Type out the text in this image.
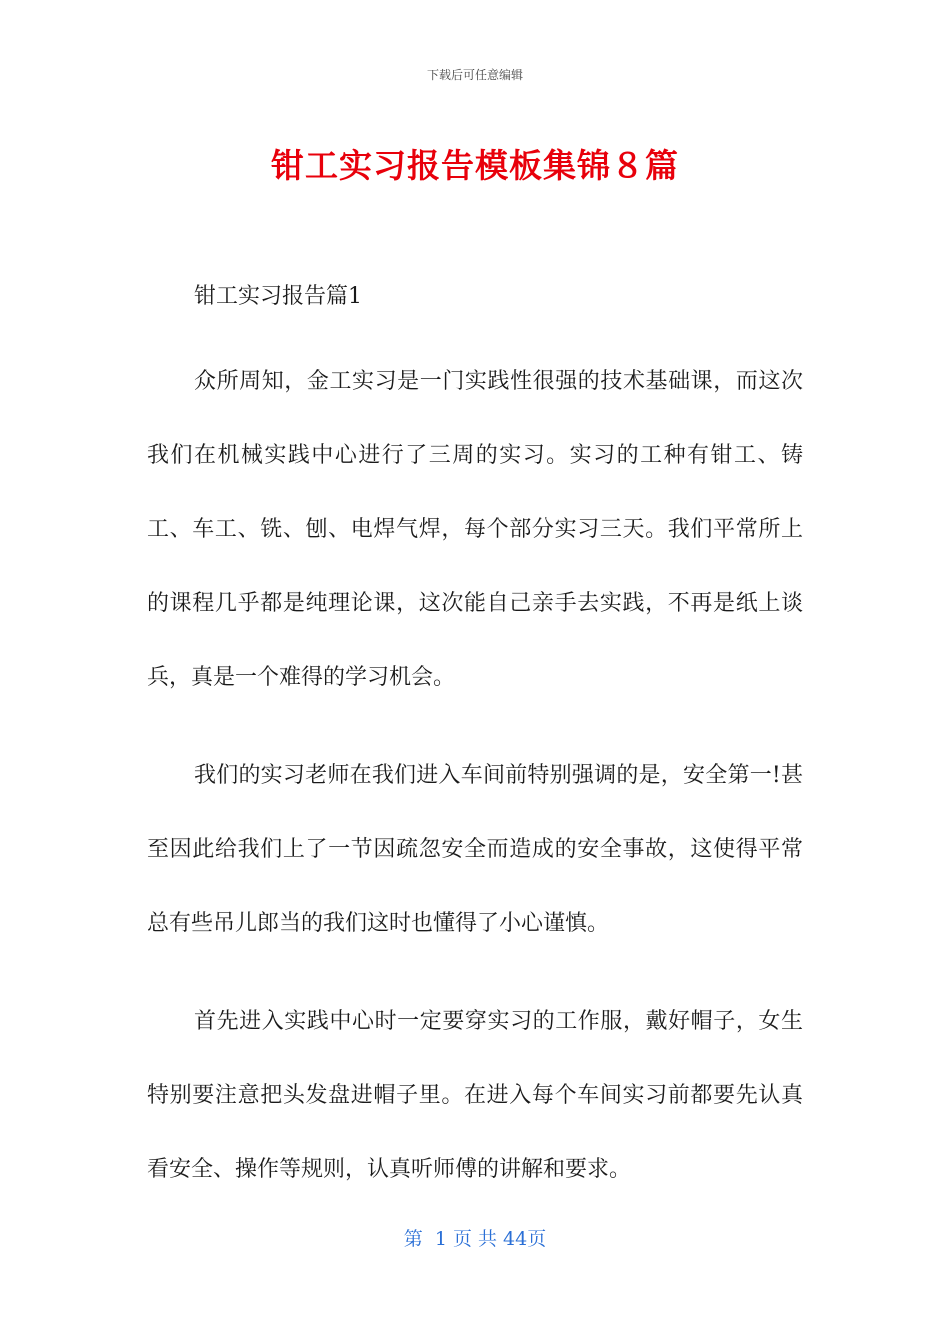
下载后可任意编辑
钳工实习报告模板集锦８篇

钳工实习报告篇1

众所周知，金工实习是一门实践性很强的技术基础课，而这次我们在机械实践中心进行了三周的实习。实习的工种有钳工、铸工、车工、铣、刨、电焊气焊，每个部分实习三天。我们平常所上的课程几乎都是纯理论课，这次能自己亲手去实践，不再是纸上谈兵，真是一个难得的学习机会。

我们的实习老师在我们进入车间前特别强调的是，安全第一!甚至因此给我们上了一节因疏忽安全而造成的安全事故，这使得平常总有些吊儿郎当的我们这时也懂得了小心谨慎。

首先进入实践中心时一定要穿实习的工作服，戴好帽子，女生特别要注意把头发盘进帽子里。在进入每个车间实习前都要先认真看安全、操作等规则，认真听师傅的讲解和要求。

第  1 页 共 44页
